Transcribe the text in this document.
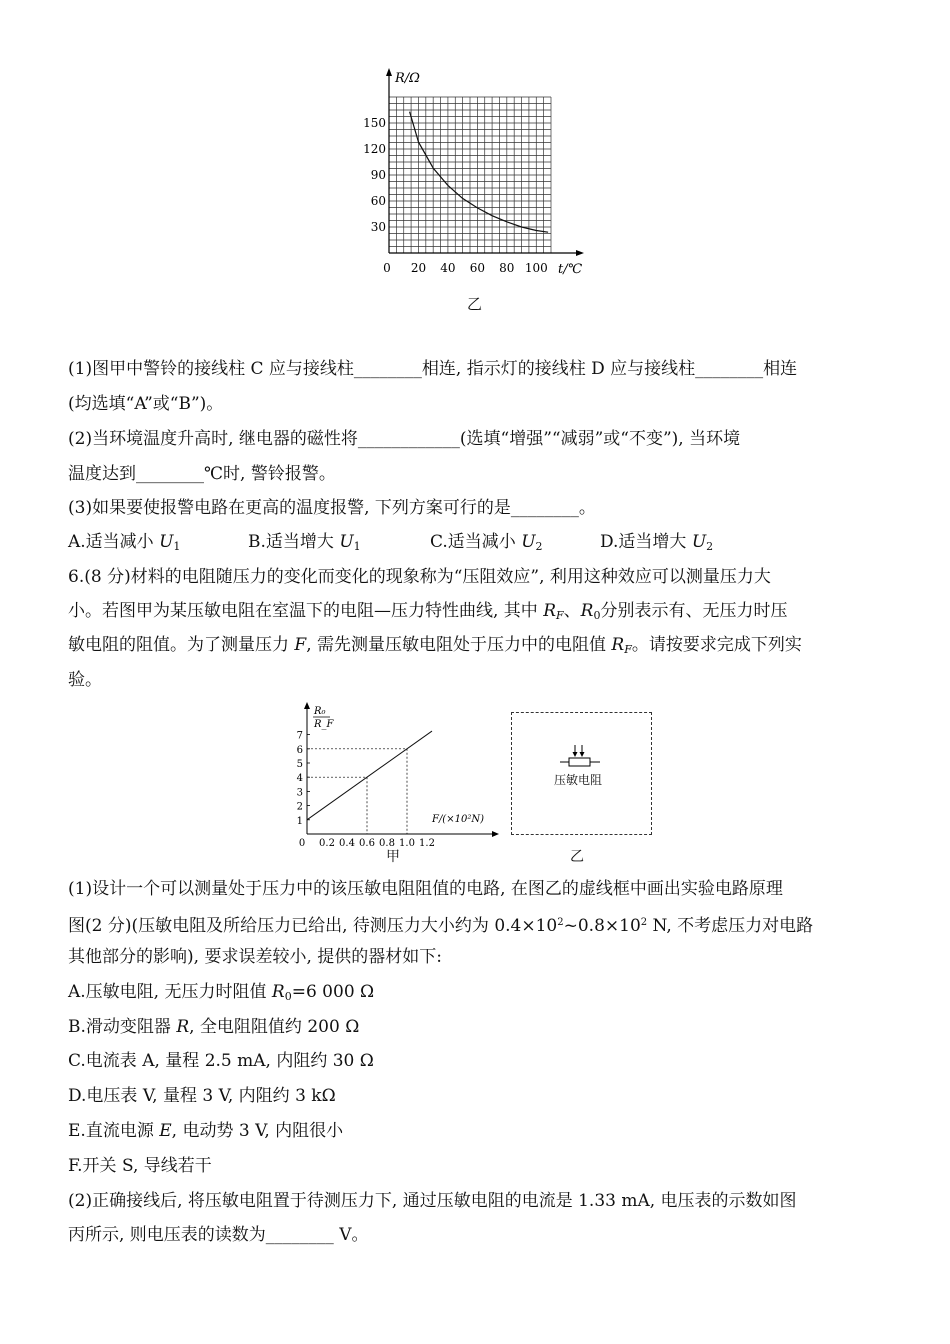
R/Ω
t/℃
30
60
90
120
150
0 20 40 60 80 100
乙
(1)图甲中警铃的接线柱 C 应与接线柱________相连, 指示灯的接线柱 D 应与接线柱________相连
(均选填“A”或“B”)。
(2)当环境温度升高时, 继电器的磁性将____________(选填“增强”“减弱”或“不变”), 当环境
温度达到________℃时, 警铃报警。
(3)如果要使报警电路在更高的温度报警, 下列方案可行的是________。
A.适当减小 $U_1$	B.适当增大 $U_1$	C.适当减小 $U_2$	D.适当增大 $U_2$
6.(8 分)材料的电阻随压力的变化而变化的现象称为“压阻效应”, 利用这种效应可以测量压力大
小。若图甲为某压敏电阻在室温下的电阻—压力特性曲线, 其中 $R_F$、$R_0$分别表示有、无压力时压
敏电阻的阻值。为了测量压力 F, 需先测量压敏电阻处于压力中的电阻值 $R_F$。请按要求完成下列实
验。
R₀
R_F
F/(×10²N)
1
2
3
4
5
6
7
0 0.2 0.4 0.6 0.8 1.0 1.2
甲
压敏电阻
乙
(1)设计一个可以测量处于压力中的该压敏电阻阻值的电路, 在图乙的虚线框中画出实验电路原理
图(2 分)(压敏电阻及所给压力已给出, 待测压力大小约为 $0.4\times 10^2\sim 0.8\times 10^2$ N, 不考虑压力对电路
其他部分的影响), 要求误差较小, 提供的器材如下:
A.压敏电阻, 无压力时阻值 $R_0=6$ 000 Ω
B.滑动变阻器 R, 全电阻阻值约 200 Ω
C.电流表 A, 量程 2.5 mA, 内阻约 30 Ω
D.电压表 V, 量程 3 V, 内阻约 3 kΩ
E.直流电源 E, 电动势 3 V, 内阻很小
F.开关 S, 导线若干
(2)正确接线后, 将压敏电阻置于待测压力下, 通过压敏电阻的电流是 1.33 mA, 电压表的示数如图
丙所示, 则电压表的读数为________ V。
